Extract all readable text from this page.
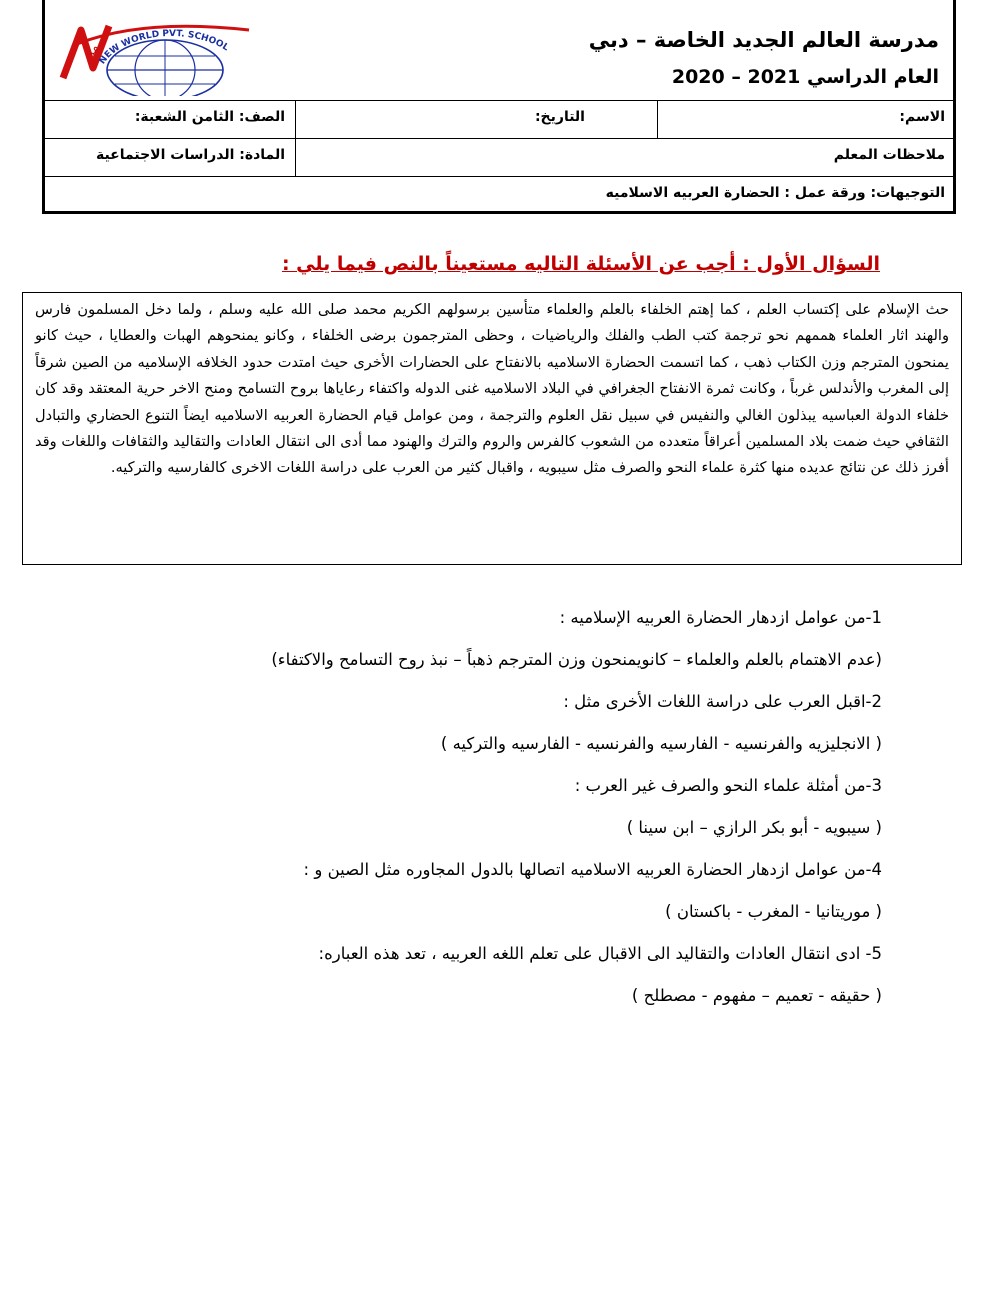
مد
NEW WORLD PVT. SCHOOL	مدرسة العالم الجديد الخاصة – دبي
العام الدراسي 2021 – 2020
الاسم:
التاريخ:
الصف: الثامن الشعبة:
ملاحظات المعلم
المادة: الدراسات الاجتماعية
التوجيهات: ورقة عمل : الحضارة العربيه الاسلاميه
السؤال الأول : أجب عن الأسئلة التاليه مستعيناً بالنص فيما يلي :
حث الإسلام على إكتساب العلم ، كما إهتم الخلفاء بالعلم والعلماء متأسين برسولهم الكريم محمد صلى الله عليه وسلم ، ولما دخل المسلمون فارس والهند اثار العلماء هممهم نحو ترجمة كتب الطب والفلك والرياضيات ، وحظى المترجمون برضى الخلفاء ، وكانو يمنحوهم الهبات والعطايا ، حيث كانو يمنحون المترجم وزن الكتاب ذهب ، كما اتسمت الحضارة الاسلاميه بالانفتاح على الحضارات الأخرى حيث امتدت حدود الخلافه الإسلاميه من الصين شرقاً إلى المغرب والأندلس غرباً ، وكانت ثمرة الانفتاح الجغرافي في البلاد الاسلاميه غنى الدوله واكتفاء رعاياها بروح التسامح ومنح الاخر حرية المعتقد وقد كان خلفاء الدولة العباسيه يبذلون الغالي والنفيس في سبيل نقل العلوم والترجمة ، ومن عوامل قيام الحضارة العربيه الاسلاميه ايضاً التنوع الحضاري والتبادل الثقافي حيث ضمت بلاد المسلمين أعراقاً متعدده من الشعوب كالفرس والروم والترك والهنود مما أدى الى انتقال العادات والتقاليد والثقافات واللغات وقد أفرز ذلك عن نتائج عديده منها كثرة علماء النحو والصرف مثل سيبويه ، واقبال كثير من العرب على دراسة اللغات الاخرى كالفارسيه والتركيه.
1-من عوامل ازدهار الحضارة العربيه الإسلاميه :
(عدم الاهتمام بالعلم والعلماء – كانويمنحون وزن المترجم ذهباً – نبذ روح التسامح والاكتفاء)
2-اقبل العرب على دراسة اللغات الأخرى مثل :
( الانجليزيه والفرنسيه - الفارسيه والفرنسيه - الفارسيه والتركيه )
3-من أمثلة علماء النحو والصرف غير العرب :
( سيبويه - أبو بكر الرازي – ابن سينا )
4-من عوامل ازدهار الحضارة العربيه الاسلاميه اتصالها بالدول المجاوره مثل الصين و :
( موريتانيا - المغرب - باكستان )
5- ادى انتقال العادات والتقاليد الى الاقبال على تعلم اللغه العربيه ، تعد هذه العباره:
( حقيقه - تعميم – مفهوم - مصطلح )
